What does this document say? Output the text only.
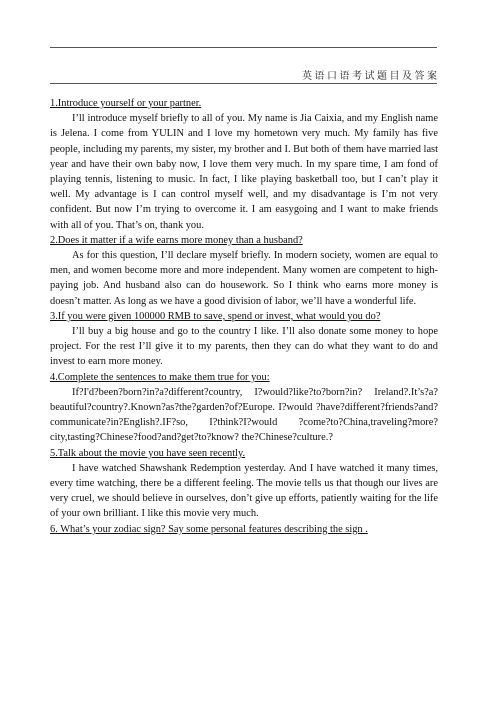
英 语 口 语 考 试 题 目 及 答 案
1.Introduce yourself or your partner.
I’ll introduce myself briefly to all of you. My name is Jia Caixia, and my English name is Jelena. I come from YULIN and I love my hometown very much. My family has five people, including my parents, my sister, my brother and I. But both of them have married last year and have their own baby now, I love them very much. In my spare time, I am fond of playing tennis, listening to music. In fact, I like playing basketball too, but I can’t play it well. My advantage is I can control myself well, and my disadvantage is I’m not very confident. But now I’m trying to overcome it. I am easygoing and I want to make friends with all of you. That’s on, thank you.
2.Does it matter if a wife earns more money than a husband?
As for this question, I’ll declare myself briefly. In modern society, women are equal to men, and women become more and more independent. Many women are competent to high-paying job. And husband also can do housework. So I think who earns more money is doesn’t matter. As long as we have a good division of labor, we’ll have a wonderful life.
3.If you were given 100000 RMB to save, spend or invest, what would you do?
I’ll buy a big house and go to the country I like. I’ll also donate some money to hope project. For the rest I’ll give it to my parents, then they can do what they want to do and invest to earn more money.
4.Complete the sentences to make them true for you:
If?I'd?been?born?in?a?different?country, I?would?like?to?born?in? Ireland?.It’s?a?beautiful?country?.Known?as?the?garden?of?Europe. I?would ?have?different?friends?and?communicate?in?English?.IF?so, I?think?I?would ?come?to?China,traveling?more?city,tasting?Chinese?food?and?get?to?know? the?Chinese?culture.?
5.Talk about the movie you have seen recently.
I have watched Shawshank Redemption yesterday. And I have watched it many times, every time watching, there be a different feeling. The movie tells us that though our lives are very cruel, we should believe in ourselves, don’t give up efforts, patiently waiting for the life of your own brilliant. I like this movie very much.
6. What’s your zodiac sign? Say some personal features describing the sign .
